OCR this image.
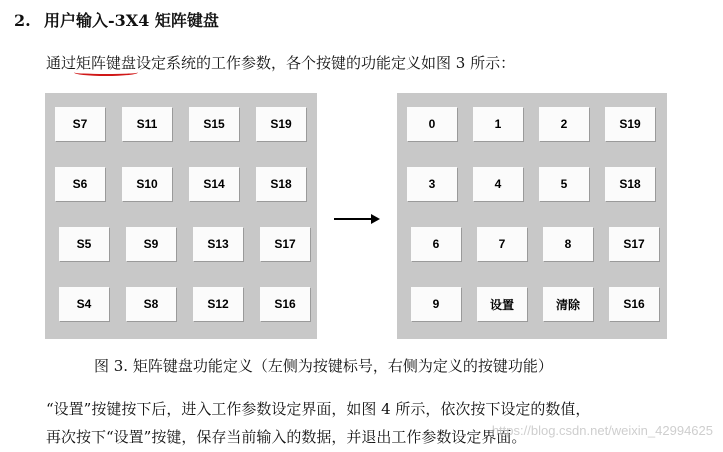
2. 用户输入-3X4 矩阵键盘
通过矩阵键盘设定系统的工作参数，各个按键的功能定义如图 3 所示：
S7	S11	S15	S19
S6	S10	S14	S18
S5	S9	S13	S17
S4	S8	S12	S16
0	1	2	S19
3	4	5	S18
6	7	8	S17
9	设置	清除	S16
图 3. 矩阵键盘功能定义（左侧为按键标号，右侧为定义的按键功能）
“设置”按键按下后，进入工作参数设定界面，如图 4 所示，依次按下设定的数值，
再次按下“设置”按键，保存当前输入的数据，并退出工作参数设定界面。
https://blog.csdn.net/weixin_42994625
